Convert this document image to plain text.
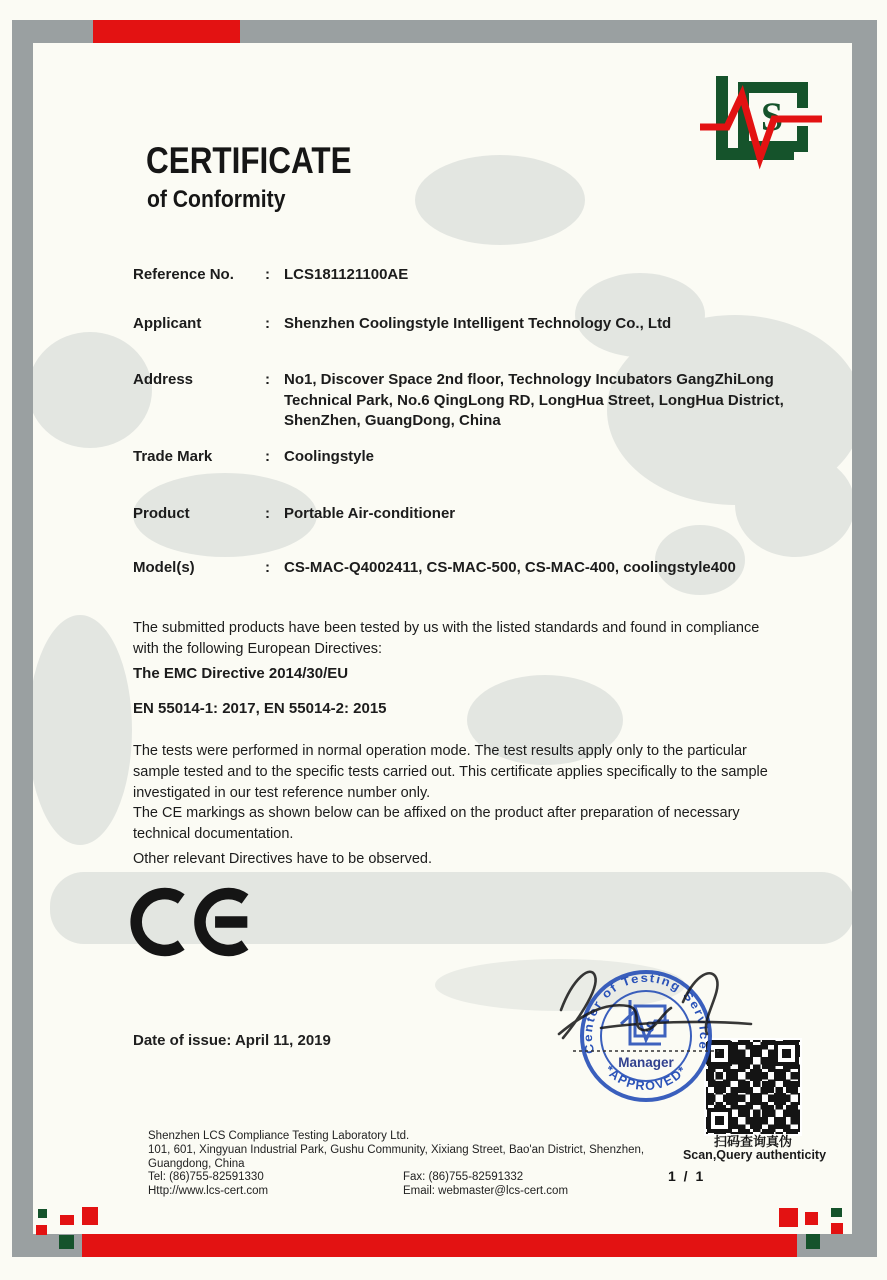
S
CERTIFICATE
of Conformity
Reference No. : LCS181121100AE
Applicant	: Shenzhen Coolingstyle Intelligent Technology Co., Ltd
Address	: No1, Discover Space 2nd floor, Technology Incubators GangZhiLong Technical Park, No.6 QingLong RD, LongHua Street, LongHua District, ShenZhen, GuangDong, China
Trade Mark	: Coolingstyle
Product	: Portable Air-conditioner
Model(s)	: CS-MAC-Q4002411, CS-MAC-500, CS-MAC-400, coolingstyle400
The submitted products have been tested by us with the listed standards and found in compliance with the following European Directives:
The EMC Directive 2014/30/EU
EN 55014-1: 2017, EN 55014-2: 2015
The tests were performed in normal operation mode. The test results apply only to the particular sample tested and to the specific tests carried out. This certificate applies specifically to the sample investigated in our test reference number only.
The CE markings as shown below can be affixed on the product after preparation of necessary technical documentation.
Other relevant Directives have to be observed.
Date of issue: April 11, 2019	Center of Testing Service
*APPROVED*
S
Manager
扫码查询真伪
Scan,Query authenticity
Shenzhen LCS Compliance Testing Laboratory Ltd.
101, 601, Xingyuan Industrial Park, Gushu Community, Xixiang Street, Bao'an District, Shenzhen,
Guangdong, China
Tel: (86)755-82591330	Fax: (86)755-82591332
Http://www.lcs-cert.com	Email: webmaster@lcs-cert.com
1 / 1
